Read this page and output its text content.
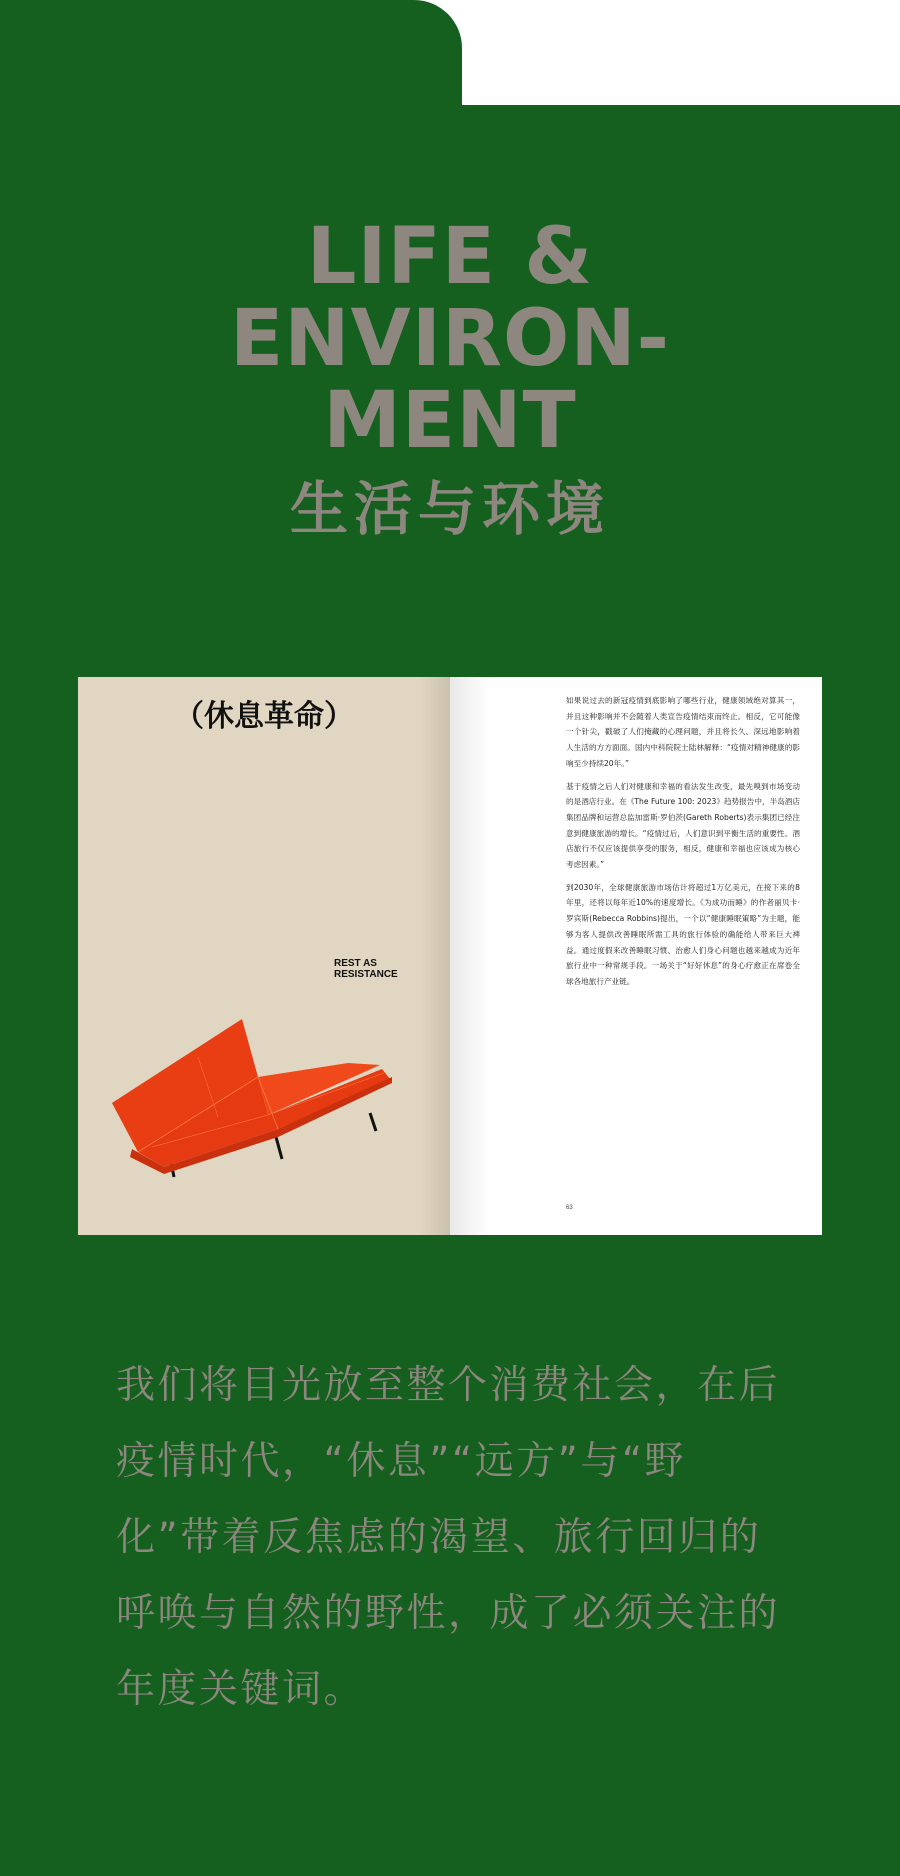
LIFE &
ENVIRON-
MENT
生活与环境
（休息革命）
REST AS
RESISTANCE

如果说过去的新冠疫情到底影响了哪些行业，健康领域绝对算其一，并且这种影响并不会随着人类宣告疫情结束而终止。相反，它可能像一个针尖，戳破了人们掩藏的心理问题，并且将长久、深远地影响着人生活的方方面面。国内中科院院士陆林解释：“疫情对精神健康的影响至少持续20年。”

基于疫情之后人们对健康和幸福的看法发生改变，最先嗅到市场变动的是酒店行业。在《The Future 100: 2023》趋势报告中，半岛酒店集团品牌和运营总监加雷斯·罗伯茨(Gareth Roberts)表示集团已经注意到健康旅游的增长。“疫情过后，人们意识到平衡生活的重要性。酒店旅行不仅应该提供享受的服务，相反，健康和幸福也应该成为核心考虑因素。”

到2030年，全球健康旅游市场估计将超过1万亿美元，在接下来的8年里，还将以每年近10%的速度增长。《为成功而睡》的作者丽贝卡·罗宾斯(Rebecca Robbins)提出，一个以“健康睡眠策略”为主题，能够为客人提供改善睡眠所需工具的旅行体验的确能给人带来巨大裨益。通过度假来改善睡眠习惯、治愈人们身心问题也越来越成为近年旅行业中一种常规手段。一场关于“好好休息”的身心疗愈正在席卷全球各地旅行产业链。

63
我们将目光放至整个消费社会，在后疫情时代，“休息”“远方”与“野化”带着反焦虑的渴望、旅行回归的呼唤与自然的野性，成了必须关注的年度关键词。
